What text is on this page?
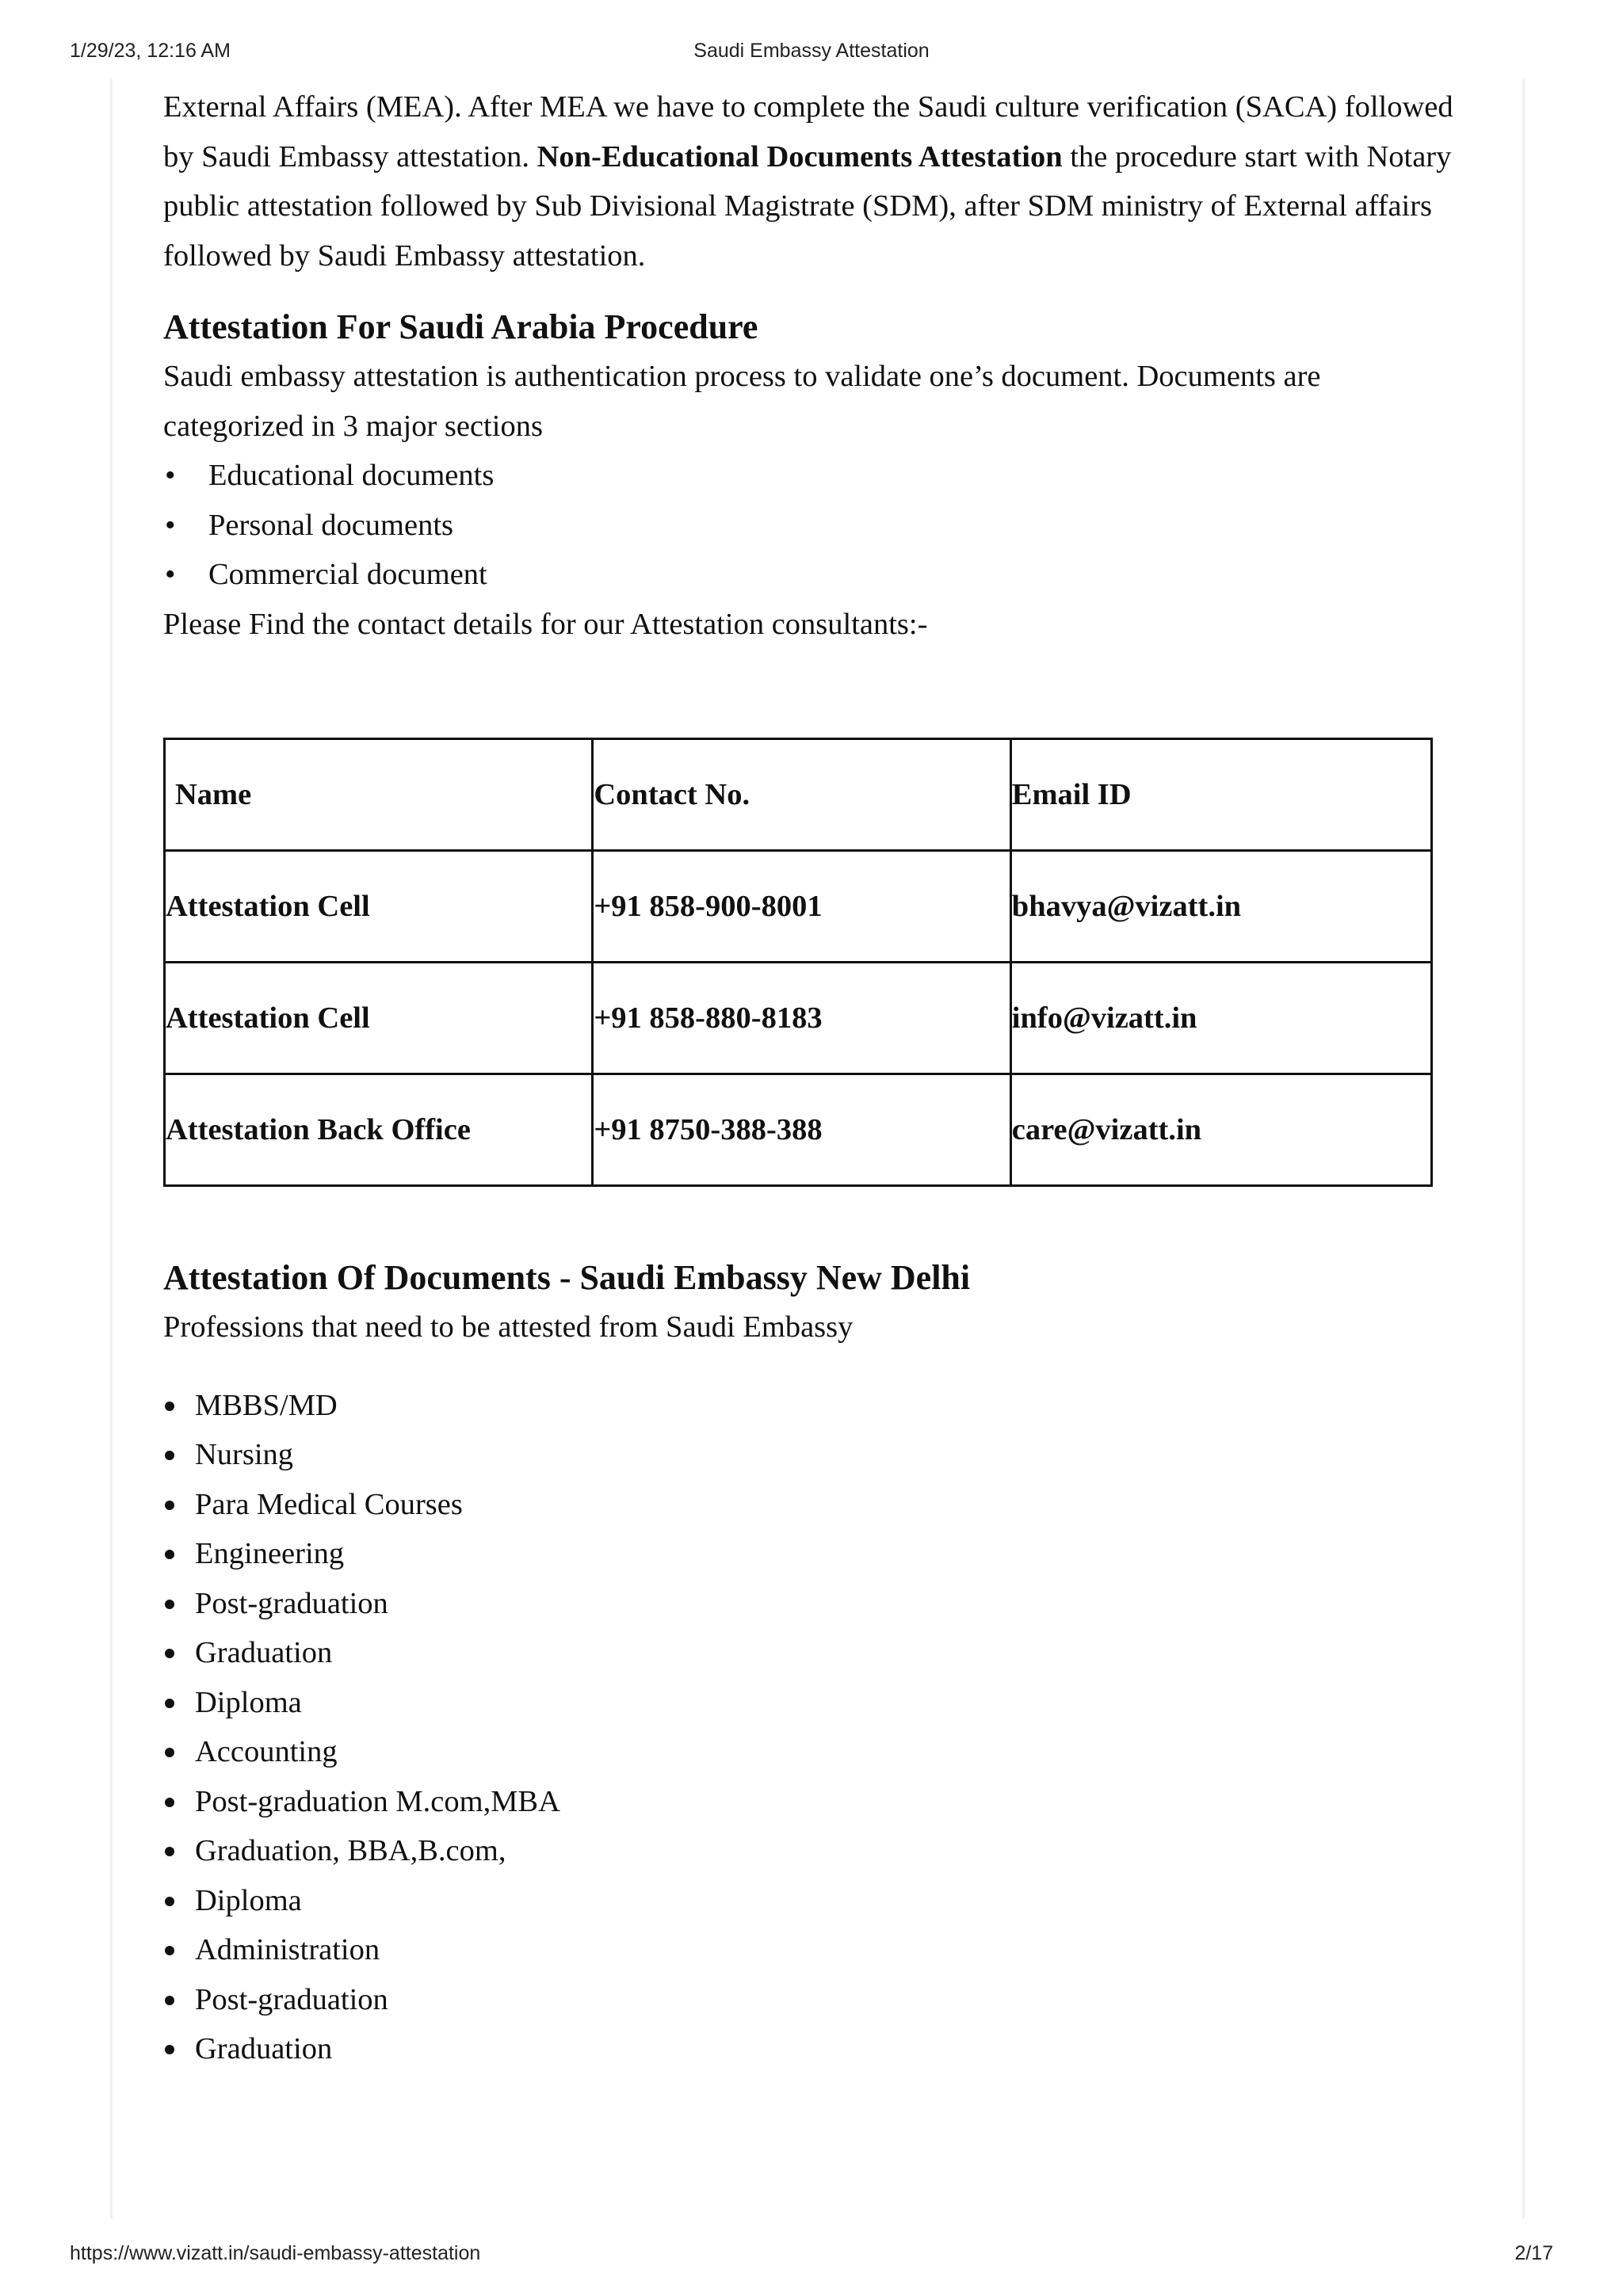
1/29/23, 12:16 AM	Saudi Embassy Attestation

External Affairs (MEA). After MEA we have to complete the Saudi culture verification (SACA) followed by Saudi Embassy attestation. Non-Educational Documents Attestation the procedure start with Notary public attestation followed by Sub Divisional Magistrate (SDM), after SDM ministry of External affairs followed by Saudi Embassy attestation.

Attestation For Saudi Arabia Procedure

Saudi embassy attestation is authentication process to validate one’s document. Documents are categorized in 3 major sections

• Educational documents
• Personal documents
• Commercial document

Please Find the contact details for our Attestation consultants:-

Name	Contact No.	Email ID
Attestation Cell	+91 858-900-8001	bhavya@vizatt.in
Attestation Cell	+91 858-880-8183	info@vizatt.in
Attestation Back Office	+91 8750-388-388	care@vizatt.in
Attestation Of Documents - Saudi Embassy New Delhi

Professions that need to be attested from Saudi Embassy

MBBS/MD
Nursing
Para Medical Courses
Engineering
Post-graduation
Graduation
Diploma
Accounting
Post-graduation M.com,MBA
Graduation, BBA,B.com,
Diploma
Administration
Post-graduation
Graduation
https://www.vizatt.in/saudi-embassy-attestation	2/17
